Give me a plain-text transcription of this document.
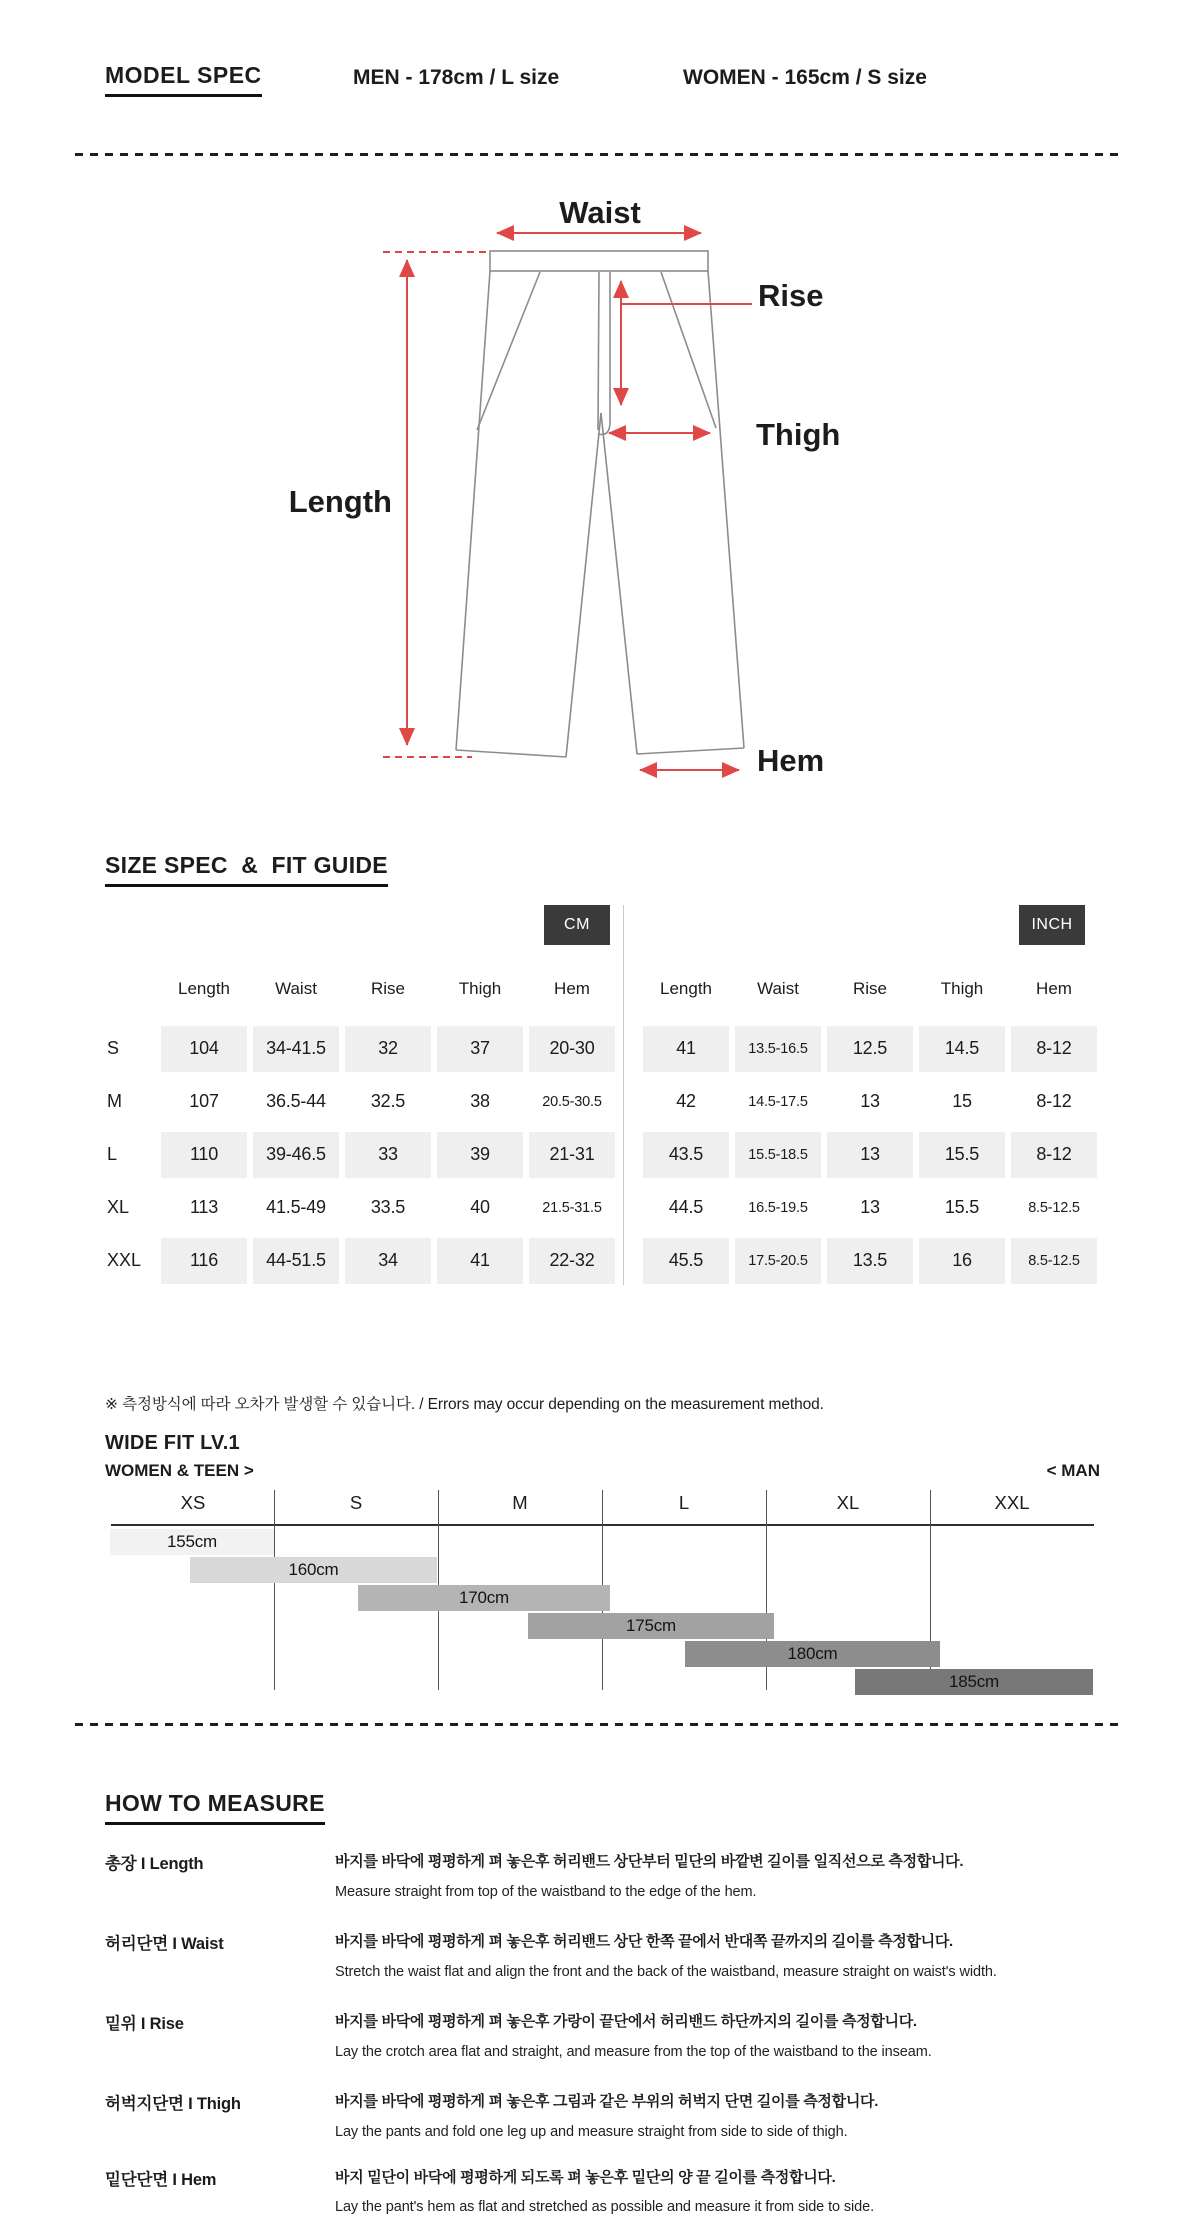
MODEL SPEC	MEN - 178cm / L size	WOMEN - 165cm / S size
Waist
Rise
Thigh
Length
Hem
SIZE SPEC  &  FIT GUIDE
CM	INCH
Length	Waist	Rise	Thigh	Hem
S	104	34-41.5	32	37	20-30
M	107	36.5-44	32.5	38	20.5-30.5
L	110	39-46.5	33	39	21-31
XL	113	41.5-49	33.5	40	21.5-31.5
XXL	116	44-51.5	34	41	22-32
Length	Waist	Rise	Thigh	Hem
41	13.5-16.5	12.5	14.5	8-12
42	14.5-17.5	13	15	8-12
43.5	15.5-18.5	13	15.5	8-12
44.5	16.5-19.5	13	15.5	8.5-12.5
45.5	17.5-20.5	13.5	16	8.5-12.5
※ 측정방식에 따라 오차가 발생할 수 있습니다. / Errors may occur depending on the measurement method.
WIDE FIT LV.1
WOMEN & TEEN >	< MAN
XS	S	M	L	XL	XXL
155cm
160cm
170cm
175cm
180cm
185cm
HOW TO MEASURE
총장 I Length	바지를 바닥에 평평하게 펴 놓은후 허리밴드 상단부터 밑단의 바깥변 길이를 일직선으로 측정합니다.
Measure straight from top of the waistband to the edge of the hem.
허리단면 I Waist	바지를 바닥에 평평하게 펴 놓은후 허리밴드 상단 한쪽 끝에서 반대쪽 끝까지의 길이를 측정합니다.
Stretch the waist flat and align the front and the back of the waistband, measure straight on waist's width.
밑위 I Rise	바지를 바닥에 평평하게 펴 놓은후 가랑이 끝단에서 허리밴드 하단까지의 길이를 측정합니다.
Lay the crotch area flat and straight, and measure from the top of the waistband to the inseam.
허벅지단면 I Thigh	바지를 바닥에 평평하게 펴 놓은후 그림과 같은 부위의 허벅지 단면 길이를 측정합니다.
Lay the pants and fold one leg up and measure straight from side to side of thigh.
밑단단면 I Hem	바지 밑단이 바닥에 평평하게 되도록 펴 놓은후 밑단의 양 끝 길이를 측정합니다.
Lay the pant's hem as flat and stretched as possible and measure it from side to side.
